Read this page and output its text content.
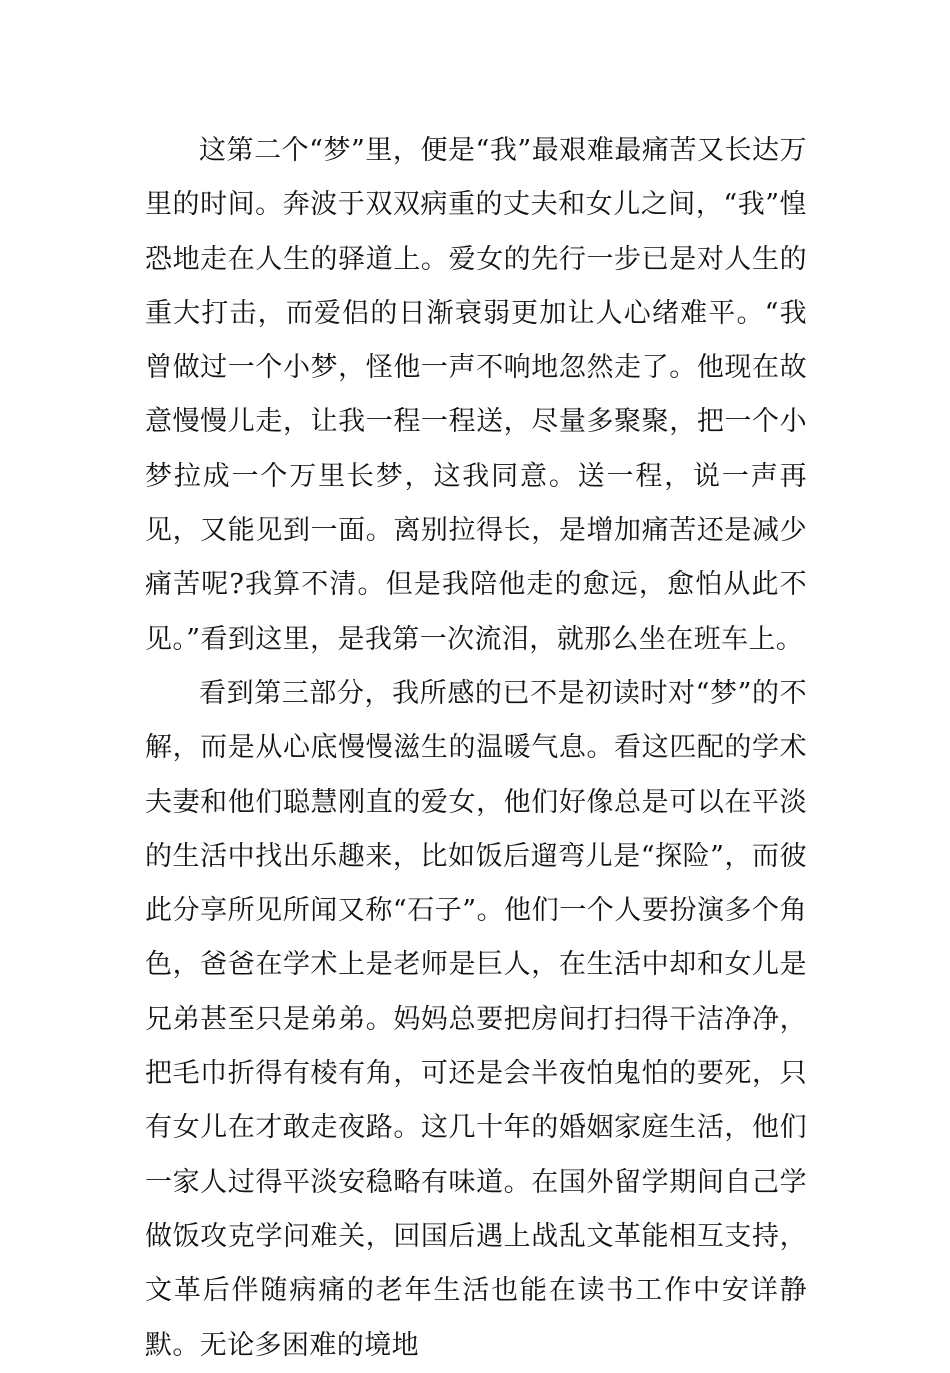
这第二个“梦”里，便是“我”最艰难最痛苦又长达万里的时间。奔波于双双病重的丈夫和女儿之间，“我”惶恐地走在人生的驿道上。爱女的先行一步已是对人生的重大打击，而爱侣的日渐衰弱更加让人心绪难平。“我曾做过一个小梦，怪他一声不响地忽然走了。他现在故意慢慢儿走，让我一程一程送，尽量多聚聚，把一个小梦拉成一个万里长梦，这我同意。送一程，说一声再见，又能见到一面。离别拉得长，是增加痛苦还是减少痛苦呢?我算不清。但是我陪他走的愈远，愈怕从此不见。”看到这里，是我第一次流泪，就那么坐在班车上。

看到第三部分，我所感的已不是初读时对“梦”的不解，而是从心底慢慢滋生的温暖气息。看这匹配的学术夫妻和他们聪慧刚直的爱女，他们好像总是可以在平淡的生活中找出乐趣来，比如饭后遛弯儿是“探险”，而彼此分享所见所闻又称“石子”。他们一个人要扮演多个角色，爸爸在学术上是老师是巨人，在生活中却和女儿是兄弟甚至只是弟弟。妈妈总要把房间打扫得干洁净净，把毛巾折得有棱有角，可还是会半夜怕鬼怕的要死，只有女儿在才敢走夜路。这几十年的婚姻家庭生活，他们一家人过得平淡安稳略有味道。在国外留学期间自己学做饭攻克学问难关，回国后遇上战乱文革能相互支持，文革后伴随病痛的老年生活也能在读书工作中安详静默。无论多困难的境地
